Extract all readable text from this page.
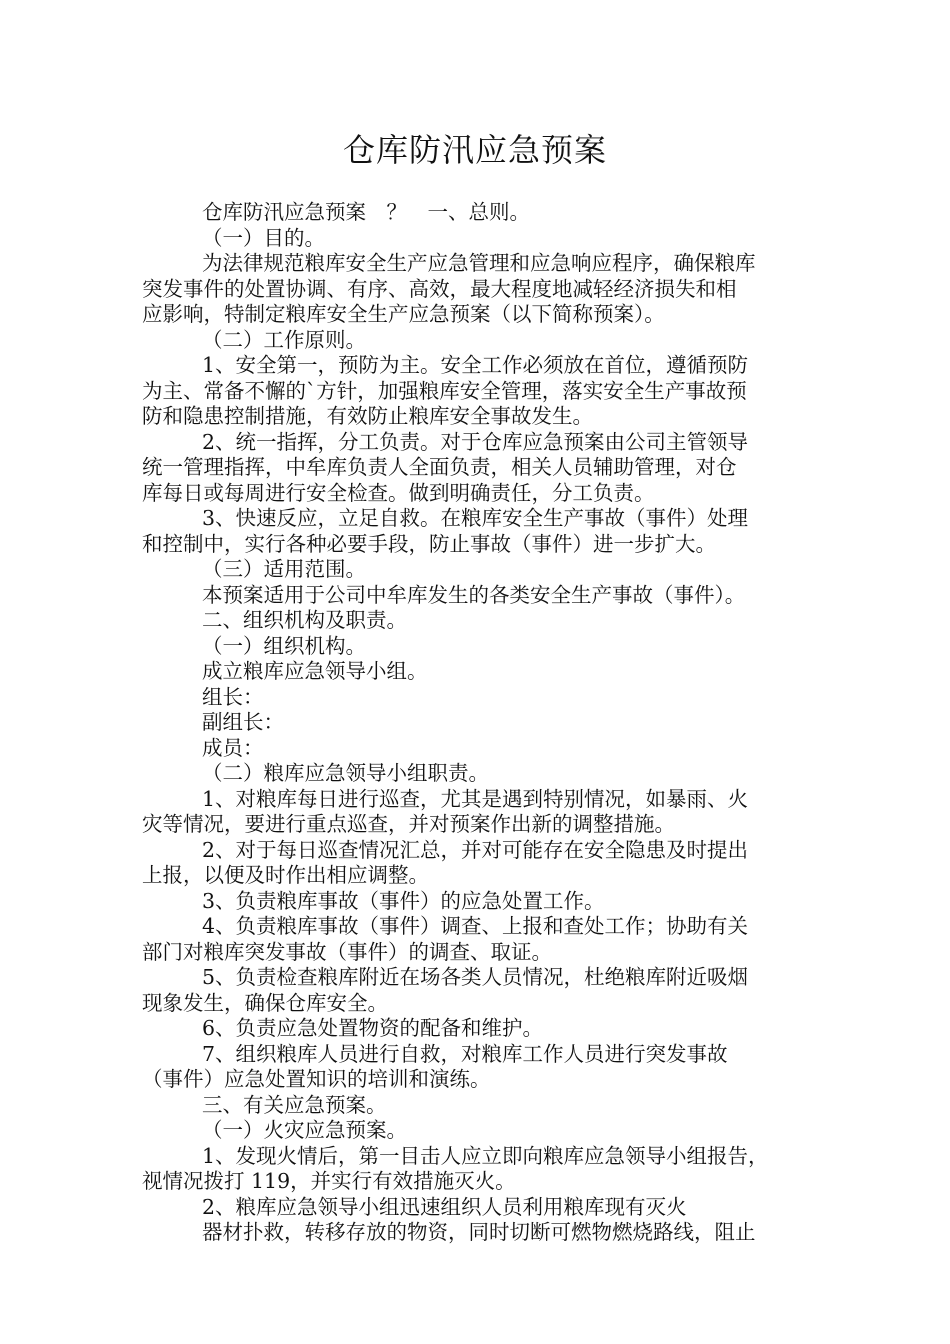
仓库防汛应急预案

仓库防汛应急预案　？　一、总则。

（一）目的。

为法律规范粮库安全生产应急管理和应急响应程序，确保粮库

突发事件的处置协调、有序、高效，最大程度地减轻经济损失和相

应影响，特制定粮库安全生产应急预案（以下简称预案）。

（二）工作原则。

1、安全第一，预防为主。安全工作必须放在首位，遵循预防

为主、常备不懈的`方针，加强粮库安全管理，落实安全生产事故预

防和隐患控制措施，有效防止粮库安全事故发生。

2、统一指挥，分工负责。对于仓库应急预案由公司主管领导

统一管理指挥，中牟库负责人全面负责，相关人员辅助管理，对仓

库每日或每周进行安全检查。做到明确责任，分工负责。

3、快速反应，立足自救。在粮库安全生产事故（事件）处理

和控制中，实行各种必要手段，防止事故（事件）进一步扩大。

（三）适用范围。

本预案适用于公司中牟库发生的各类安全生产事故（事件）。

二、组织机构及职责。

（一）组织机构。

成立粮库应急领导小组。

组长：

副组长：

成员：

（二）粮库应急领导小组职责。

1、对粮库每日进行巡查，尤其是遇到特别情况，如暴雨、火

灾等情况，要进行重点巡查，并对预案作出新的调整措施。

2、对于每日巡查情况汇总，并对可能存在安全隐患及时提出

上报，以便及时作出相应调整。

3、负责粮库事故（事件）的应急处置工作。

4、负责粮库事故（事件）调查、上报和查处工作；协助有关

部门对粮库突发事故（事件）的调查、取证。

5、负责检查粮库附近在场各类人员情况，杜绝粮库附近吸烟

现象发生，确保仓库安全。

6、负责应急处置物资的配备和维护。

7、组织粮库人员进行自救，对粮库工作人员进行突发事故

（事件）应急处置知识的培训和演练。

三、有关应急预案。

（一）火灾应急预案。

1、发现火情后，第一目击人应立即向粮库应急领导小组报告，

视情况拨打 119，并实行有效措施灭火。

2、粮库应急领导小组迅速组织人员利用粮库现有灭火

器材扑救，转移存放的物资，同时切断可燃物燃烧路线，阻止
